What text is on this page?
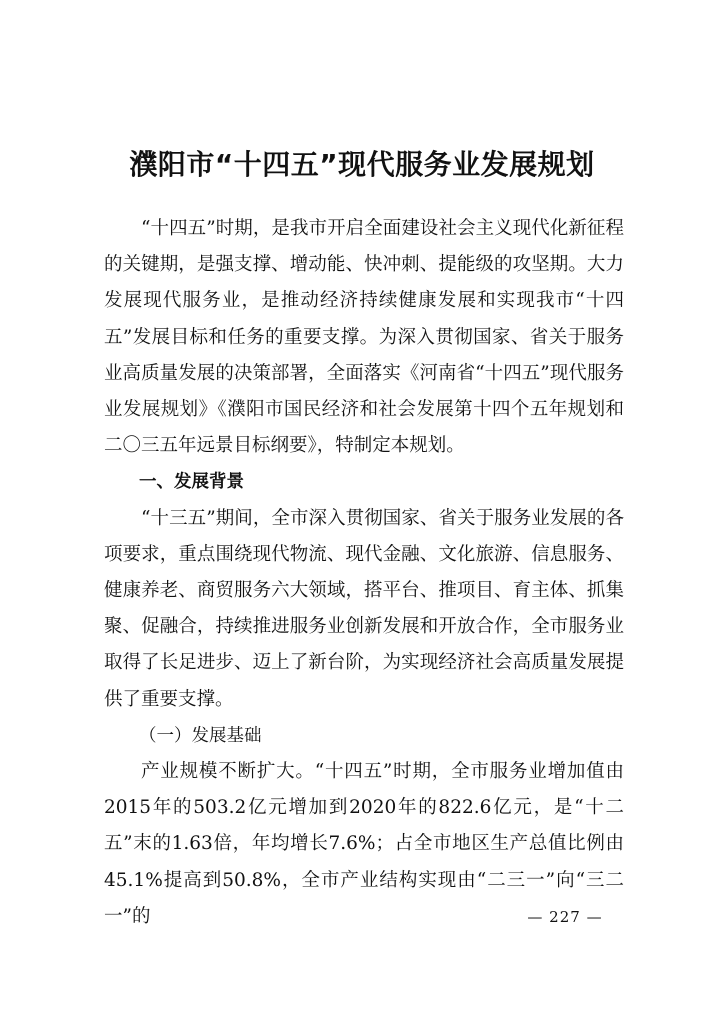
濮阳市“十四五”现代服务业发展规划

“十四五”时期，是我市开启全面建设社会主义现代化新征程的关键期，是强支撑、增动能、快冲刺、提能级的攻坚期。大力发展现代服务业，是推动经济持续健康发展和实现我市“十四五”发展目标和任务的重要支撑。为深入贯彻国家、省关于服务业高质量发展的决策部署，全面落实《河南省“十四五”现代服务业发展规划》《濮阳市国民经济和社会发展第十四个五年规划和二〇三五年远景目标纲要》，特制定本规划。

一、发展背景

“十三五”期间，全市深入贯彻国家、省关于服务业发展的各项要求，重点围绕现代物流、现代金融、文化旅游、信息服务、健康养老、商贸服务六大领域，搭平台、推项目、育主体、抓集聚、促融合，持续推进服务业创新发展和开放合作，全市服务业取得了长足进步、迈上了新台阶，为实现经济社会高质量发展提供了重要支撑。

（一）发展基础

产业规模不断扩大。“十四五”时期，全市服务业增加值由2015年的503.2亿元增加到2020年的822.6亿元，是“十二五”末的1.63倍，年均增长7.6%；占全市地区生产总值比例由45.1%提高到50.8%，全市产业结构实现由“二三一”向“三二一”的	— 227 —
